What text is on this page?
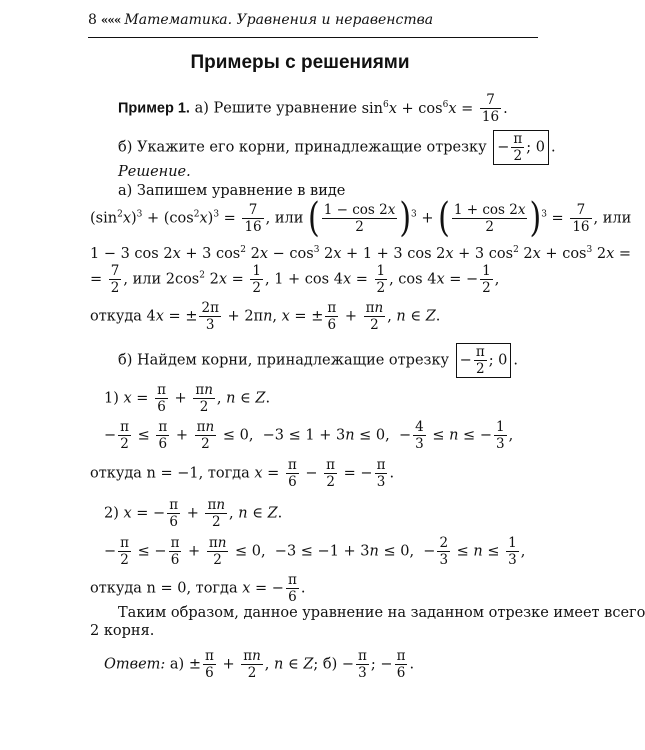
8 ««« Математика. Уравнения и неравенства
Примеры с решениями
Пример 1. а) Решите уравнение $\sin^6x + \cos^6x = \frac{7}{16}$ .
б) Укажите его корни, принадлежащие отрезку − $\frac{\pi}{2}$ ; 0 .
Решение.
а) Запишем уравнение в виде
$(\sin^2x)^3 + (\cos^2x)^3 = \frac{7}{16}$ , или ( $\frac{1 - \cos 2x}{2} )^3$ + ( $\frac{1 + \cos 2x}{2} )^3 = \frac{7}{16}$ , или
1 − 3 cos 2x + 3 $\cos^2 2x - \cos^3 2x + 1 + 3$ cos 2x + 3 $\cos^2 2x + \cos^3 2x$ =
= $\frac{7}{2}$ , или $2\cos^2$ $2x = \frac{1}{2}$ , $1 + \cos 4x = \frac{1}{2}$ , cos 4x = − $\frac{1}{2}$ ,
откуда 4x = ± $\frac{2\pi}{3} + 2\pi n$, x = ± $\frac{\pi}{6} + \frac{\pi n}{2}$ , n ∈ Z.
б) Найдем корни, принадлежащие отрезку − $\frac{\pi}{2}$ ; 0 .
1) $x = \frac{\pi}{6} + \frac{\pi n}{2}$ , n ∈ Z.
− $\frac{\pi}{2} \le \frac{\pi}{6} + \frac{\pi n}{2} \le 0$,  −3 ≤ 1 + 3n ≤ 0,  − $\frac{4}{3} \le n$ ≤ − $\frac{1}{3}$ ,
откуда n = −1, тогда $x = \frac{\pi}{6} - \frac{\pi}{2}$ = − $\frac{\pi}{3}$ .
2) x = − $\frac{\pi}{6} + \frac{\pi n}{2}$ , n ∈ Z.
− $\frac{\pi}{2}$ ≤ − $\frac{\pi}{6} + \frac{\pi n}{2} \le 0$,  −3 ≤ −1 + 3n ≤ 0,  − $\frac{2}{3} \le n \le \frac{1}{3}$ ,
откуда n = 0, тогда x = − $\frac{\pi}{6}$ .
Таким образом, данное уравнение на заданном отрезке имеет всего
2 корня.
Ответ: $а) \pm \frac{\pi}{6} + \frac{\pi n}{2}$ , n ∈ Z; $б) - \frac{\pi}{3}$ ; − $\frac{\pi}{6}$ .
